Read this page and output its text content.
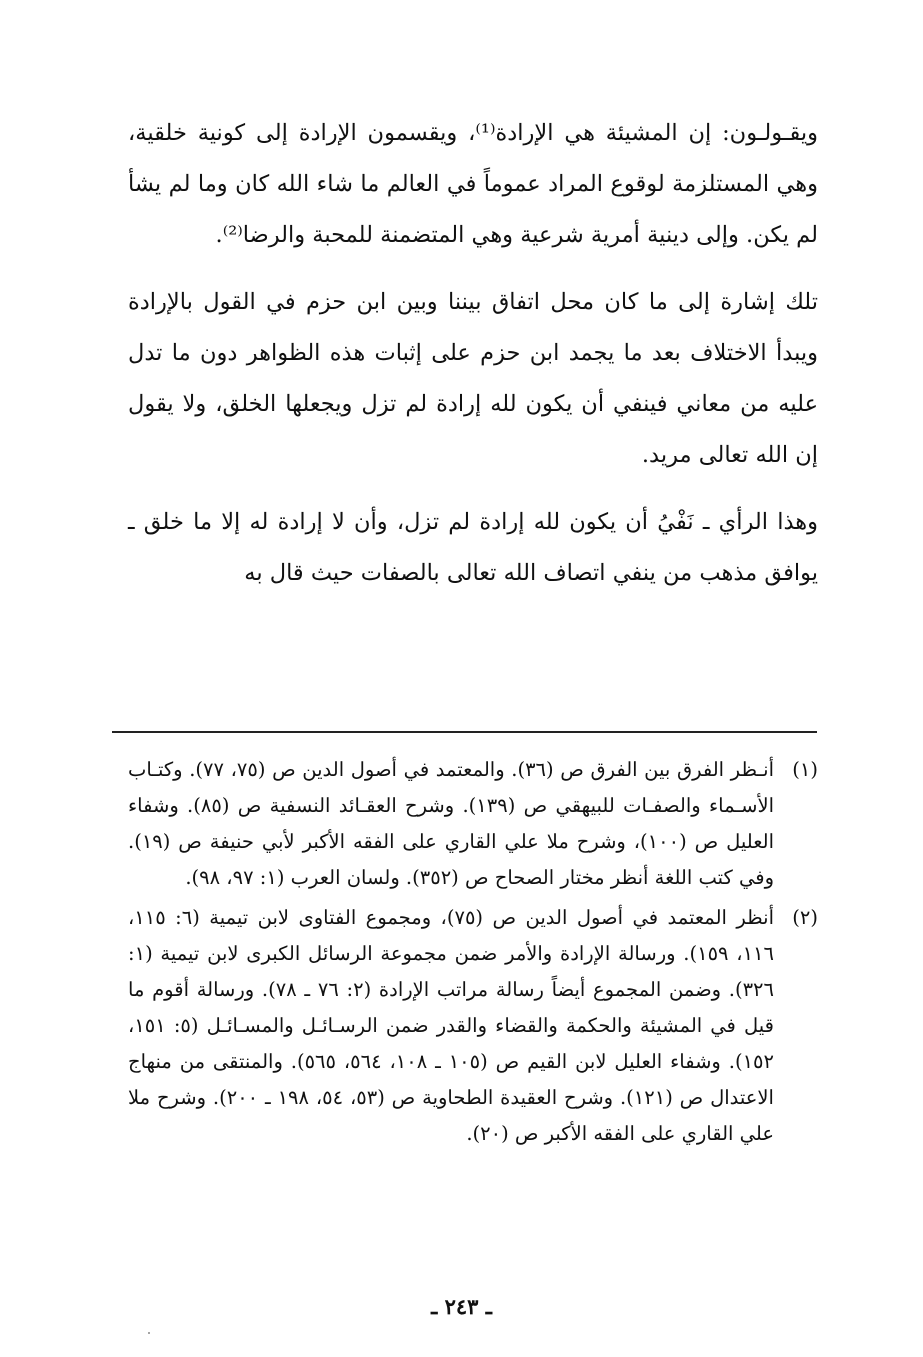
ويقـولـون: إن المشيئة هي الإرادة⁽¹⁾، ويقسمون الإرادة إلى كونية خلقية، وهي المستلزمة لوقوع المراد عموماً في العالم ما شاء الله كان وما لم يشأ لم يكن. وإلى دينية أمرية شرعية وهي المتضمنة للمحبة والرضا⁽²⁾.

تلك إشارة إلى ما كان محل اتفاق بيننا وبين ابن حزم في القول بالإرادة ويبدأ الاختلاف بعد ما يجمد ابن حزم على إثبات هذه الظواهر دون ما تدل عليه من معاني فينفي أن يكون لله إرادة لم تزل ويجعلها الخلق، ولا يقول إن الله تعالى مريد.

وهذا الرأي ـ نَفْيُ أن يكون لله إرادة لم تزل، وأن لا إرادة له إلا ما خلق ـ يوافق مذهب من ينفي اتصاف الله تعالى بالصفات حيث قال به

(١)
أنـظر الفرق بين الفرق ص (٣٦). والمعتمد في أصول الدين ص (٧٥، ٧٧). وكتـاب الأسـماء والصفـات للبيهقي ص (١٣٩). وشرح العقـائد النسفية ص (٨٥). وشفاء العليل ص (١٠٠)، وشرح ملا علي القاري على الفقه الأكبر لأبي حنيفة ص (١٩). وفي كتب اللغة أنظر مختار الصحاح ص (٣٥٢). ولسان العرب (١: ٩٧، ٩٨).
(٢)
أنظر المعتمد في أصول الدين ص (٧٥)، ومجموع الفتاوى لابن تيمية (٦: ١١٥، ١١٦، ١٥٩). ورسالة الإرادة والأمر ضمن مجموعة الرسائل الكبرى لابن تيمية (١: ٣٢٦). وضمن المجموع أيضاً رسالة مراتب الإرادة (٢: ٧٦ ـ ٧٨). ورسالة أقوم ما قيل في المشيئة والحكمة والقضاء والقدر ضمن الرسـائـل والمسـائـل (٥: ١٥١، ١٥٢). وشفاء العليل لابن القيم ص (١٠٥ ـ ١٠٨، ٥٦٤، ٥٦٥). والمنتقى من منهاج الاعتدال ص (١٢١). وشرح العقيدة الطحاوية ص (٥٣، ٥٤، ١٩٨ ـ ٢٠٠). وشرح ملا علي القاري على الفقه الأكبر ص (٢٠).
ـ ٢٤٣ ـ
